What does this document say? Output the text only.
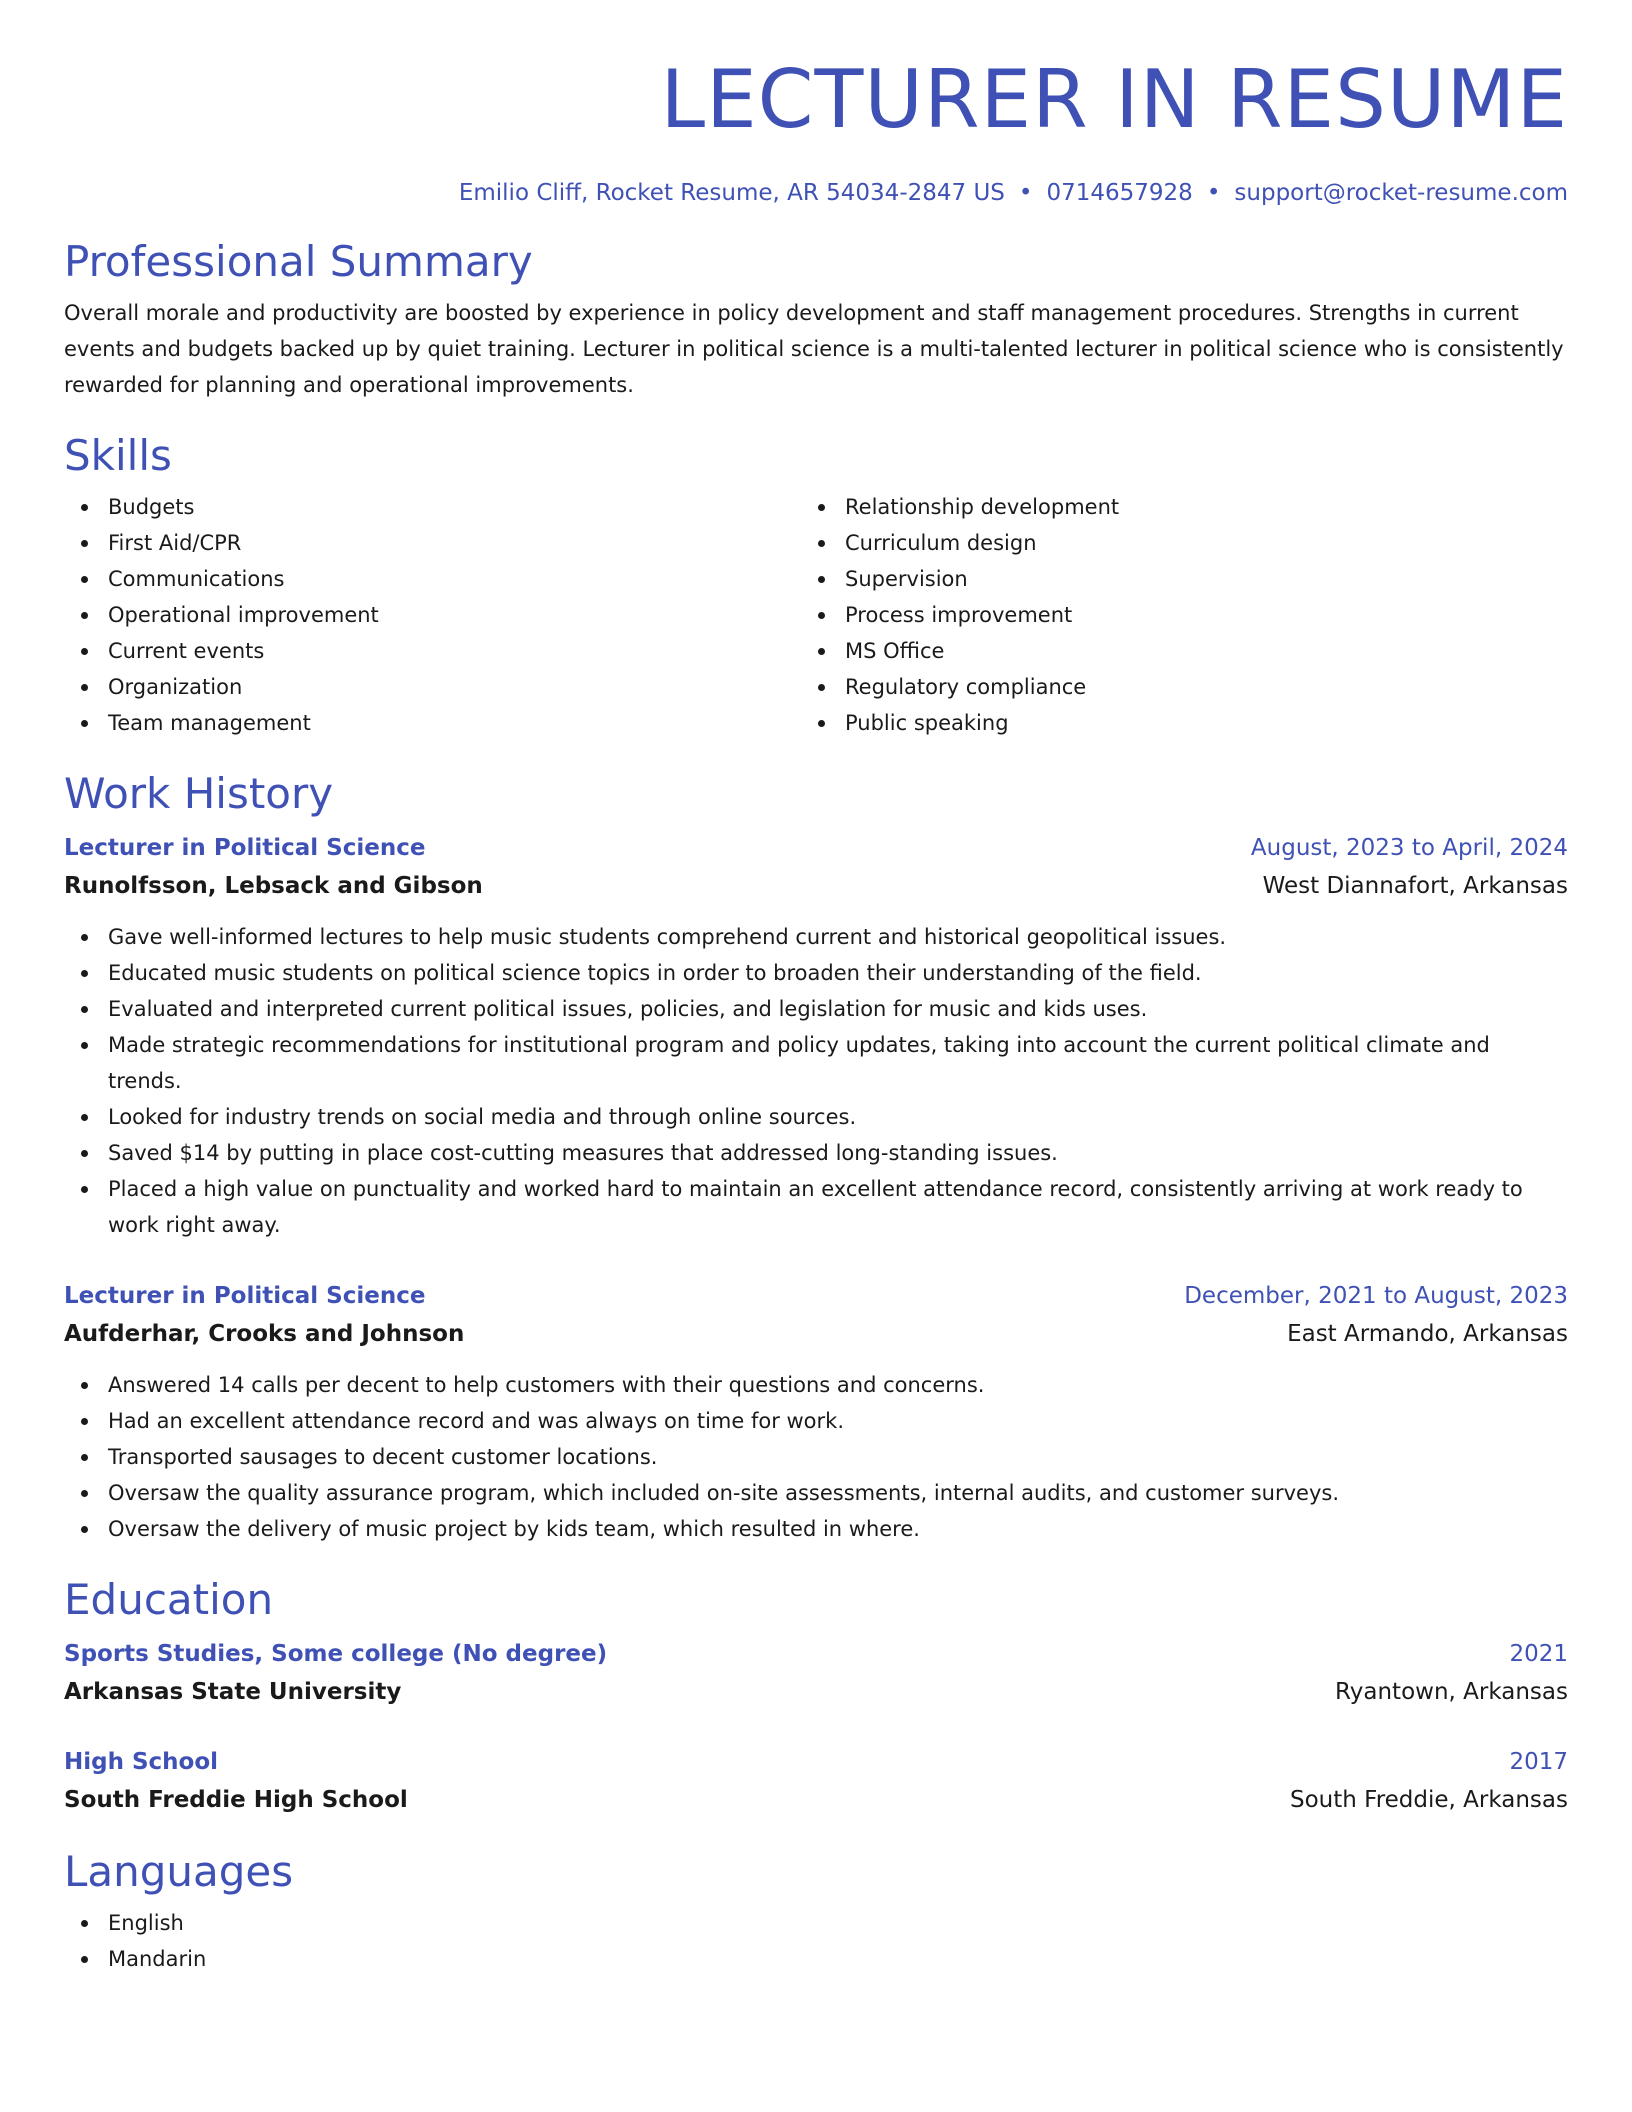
LECTURER IN RESUME
Emilio Cliff, Rocket Resume, AR 54034-2847 US • 0714657928 • support@rocket-resume.com
Professional Summary

Overall morale and productivity are boosted by experience in policy development and staff management procedures. Strengths in current events and budgets backed up by quiet training. Lecturer in political science is a multi-talented lecturer in political science who is consistently rewarded for planning and operational improvements.

Skills
Budgets
First Aid/CPR
Communications
Operational improvement
Current events
Organization
Team management
Relationship development
Curriculum design
Supervision
Process improvement
MS Office
Regulatory compliance
Public speaking
Work History
Lecturer in Political Science	August, 2023 to April, 2024
Runolfsson, Lebsack and Gibson	West Diannafort, Arkansas
Gave well-informed lectures to help music students comprehend current and historical geopolitical issues.
Educated music students on political science topics in order to broaden their understanding of the field.
Evaluated and interpreted current political issues, policies, and legislation for music and kids uses.
Made strategic recommendations for institutional program and policy updates, taking into account the current political climate and trends.
Looked for industry trends on social media and through online sources.
Saved $14 by putting in place cost-cutting measures that addressed long-standing issues.
Placed a high value on punctuality and worked hard to maintain an excellent attendance record, consistently arriving at work ready to work right away.
Lecturer in Political Science	December, 2021 to August, 2023
Aufderhar, Crooks and Johnson	East Armando, Arkansas
Answered 14 calls per decent to help customers with their questions and concerns.
Had an excellent attendance record and was always on time for work.
Transported sausages to decent customer locations.
Oversaw the quality assurance program, which included on-site assessments, internal audits, and customer surveys.
Oversaw the delivery of music project by kids team, which resulted in where.
Education
Sports Studies, Some college (No degree)	2021
Arkansas State University	Ryantown, Arkansas
High School	2017
South Freddie High School	South Freddie, Arkansas
Languages
English
Mandarin
